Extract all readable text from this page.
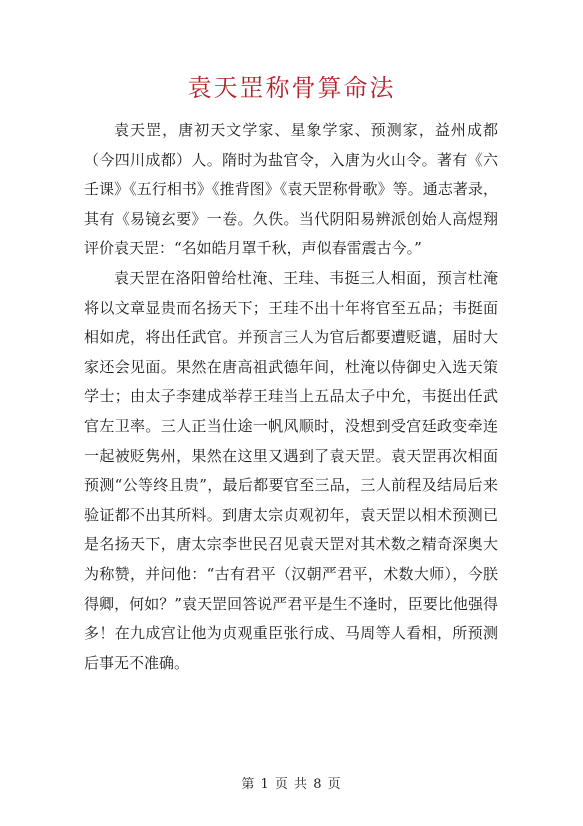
袁天罡称骨算命法

袁天罡，唐初天文学家、星象学家、预测家，益州成都（今四川成都）人。隋时为盐官令，入唐为火山令。著有《六壬课》《五行相书》《推背图》《袁天罡称骨歌》等。通志著录，其有《易镜玄要》一卷。久佚。当代阴阳易辨派创始人高煜翔评价袁天罡：“名如皓月罩千秋，声似春雷震古今。”

袁天罡在洛阳曾给杜淹、王珪、韦挺三人相面，预言杜淹将以文章显贵而名扬天下；王珪不出十年将官至五品；韦挺面相如虎，将出任武官。并预言三人为官后都要遭贬谴，届时大家还会见面。果然在唐高祖武德年间，杜淹以侍御史入选天策学士；由太子李建成举荐王珪当上五品太子中允，韦挺出任武官左卫率。三人正当仕途一帆风顺时，没想到受宫廷政变牵连一起被贬隽州，果然在这里又遇到了袁天罡。袁天罡再次相面预测“公等终且贵”，最后都要官至三品，三人前程及结局后来验证都不出其所料。到唐太宗贞观初年，袁天罡以相术预测已是名扬天下，唐太宗李世民召见袁天罡对其术数之精奇深奥大为称赞，并问他：“古有君平（汉朝严君平，术数大师），今朕得卿，何如？”袁天罡回答说严君平是生不逢时，臣要比他强得多！在九成宫让他为贞观重臣张行成、马周等人看相，所预测后事无不准确。

第 1 页 共 8 页
